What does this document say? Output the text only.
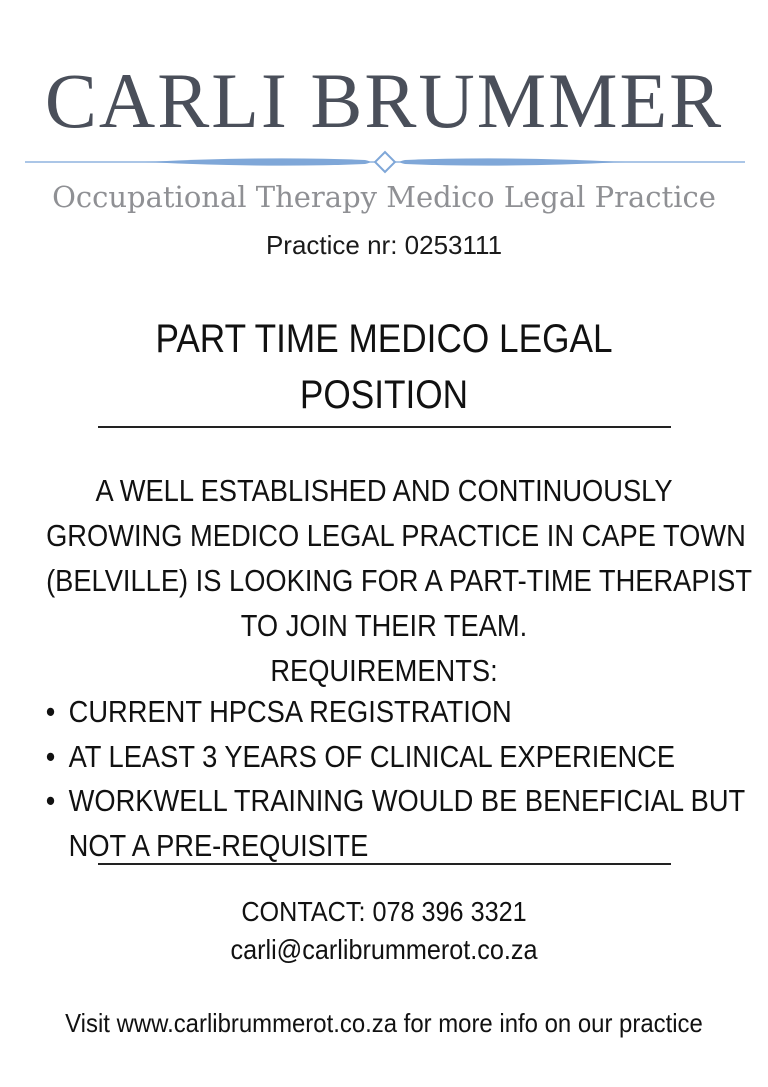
CARLI BRUMMER
Occupational Therapy Medico Legal Practice
Practice nr: 0253111
PART TIME MEDICO LEGAL
POSITION
A WELL ESTABLISHED AND CONTINUOUSLY
GROWING MEDICO LEGAL PRACTICE IN CAPE TOWN
(BELVILLE) IS LOOKING FOR A PART-TIME THERAPIST
TO JOIN THEIR TEAM.
REQUIREMENTS:
• CURRENT HPCSA REGISTRATION
• AT LEAST 3 YEARS OF CLINICAL EXPERIENCE
• WORKWELL TRAINING WOULD BE BENEFICIAL BUT
NOT A PRE-REQUISITE
CONTACT: 078 396 3321
carli@carlibrummerot.co.za
Visit www.carlibrummerot.co.za for more info on our practice
